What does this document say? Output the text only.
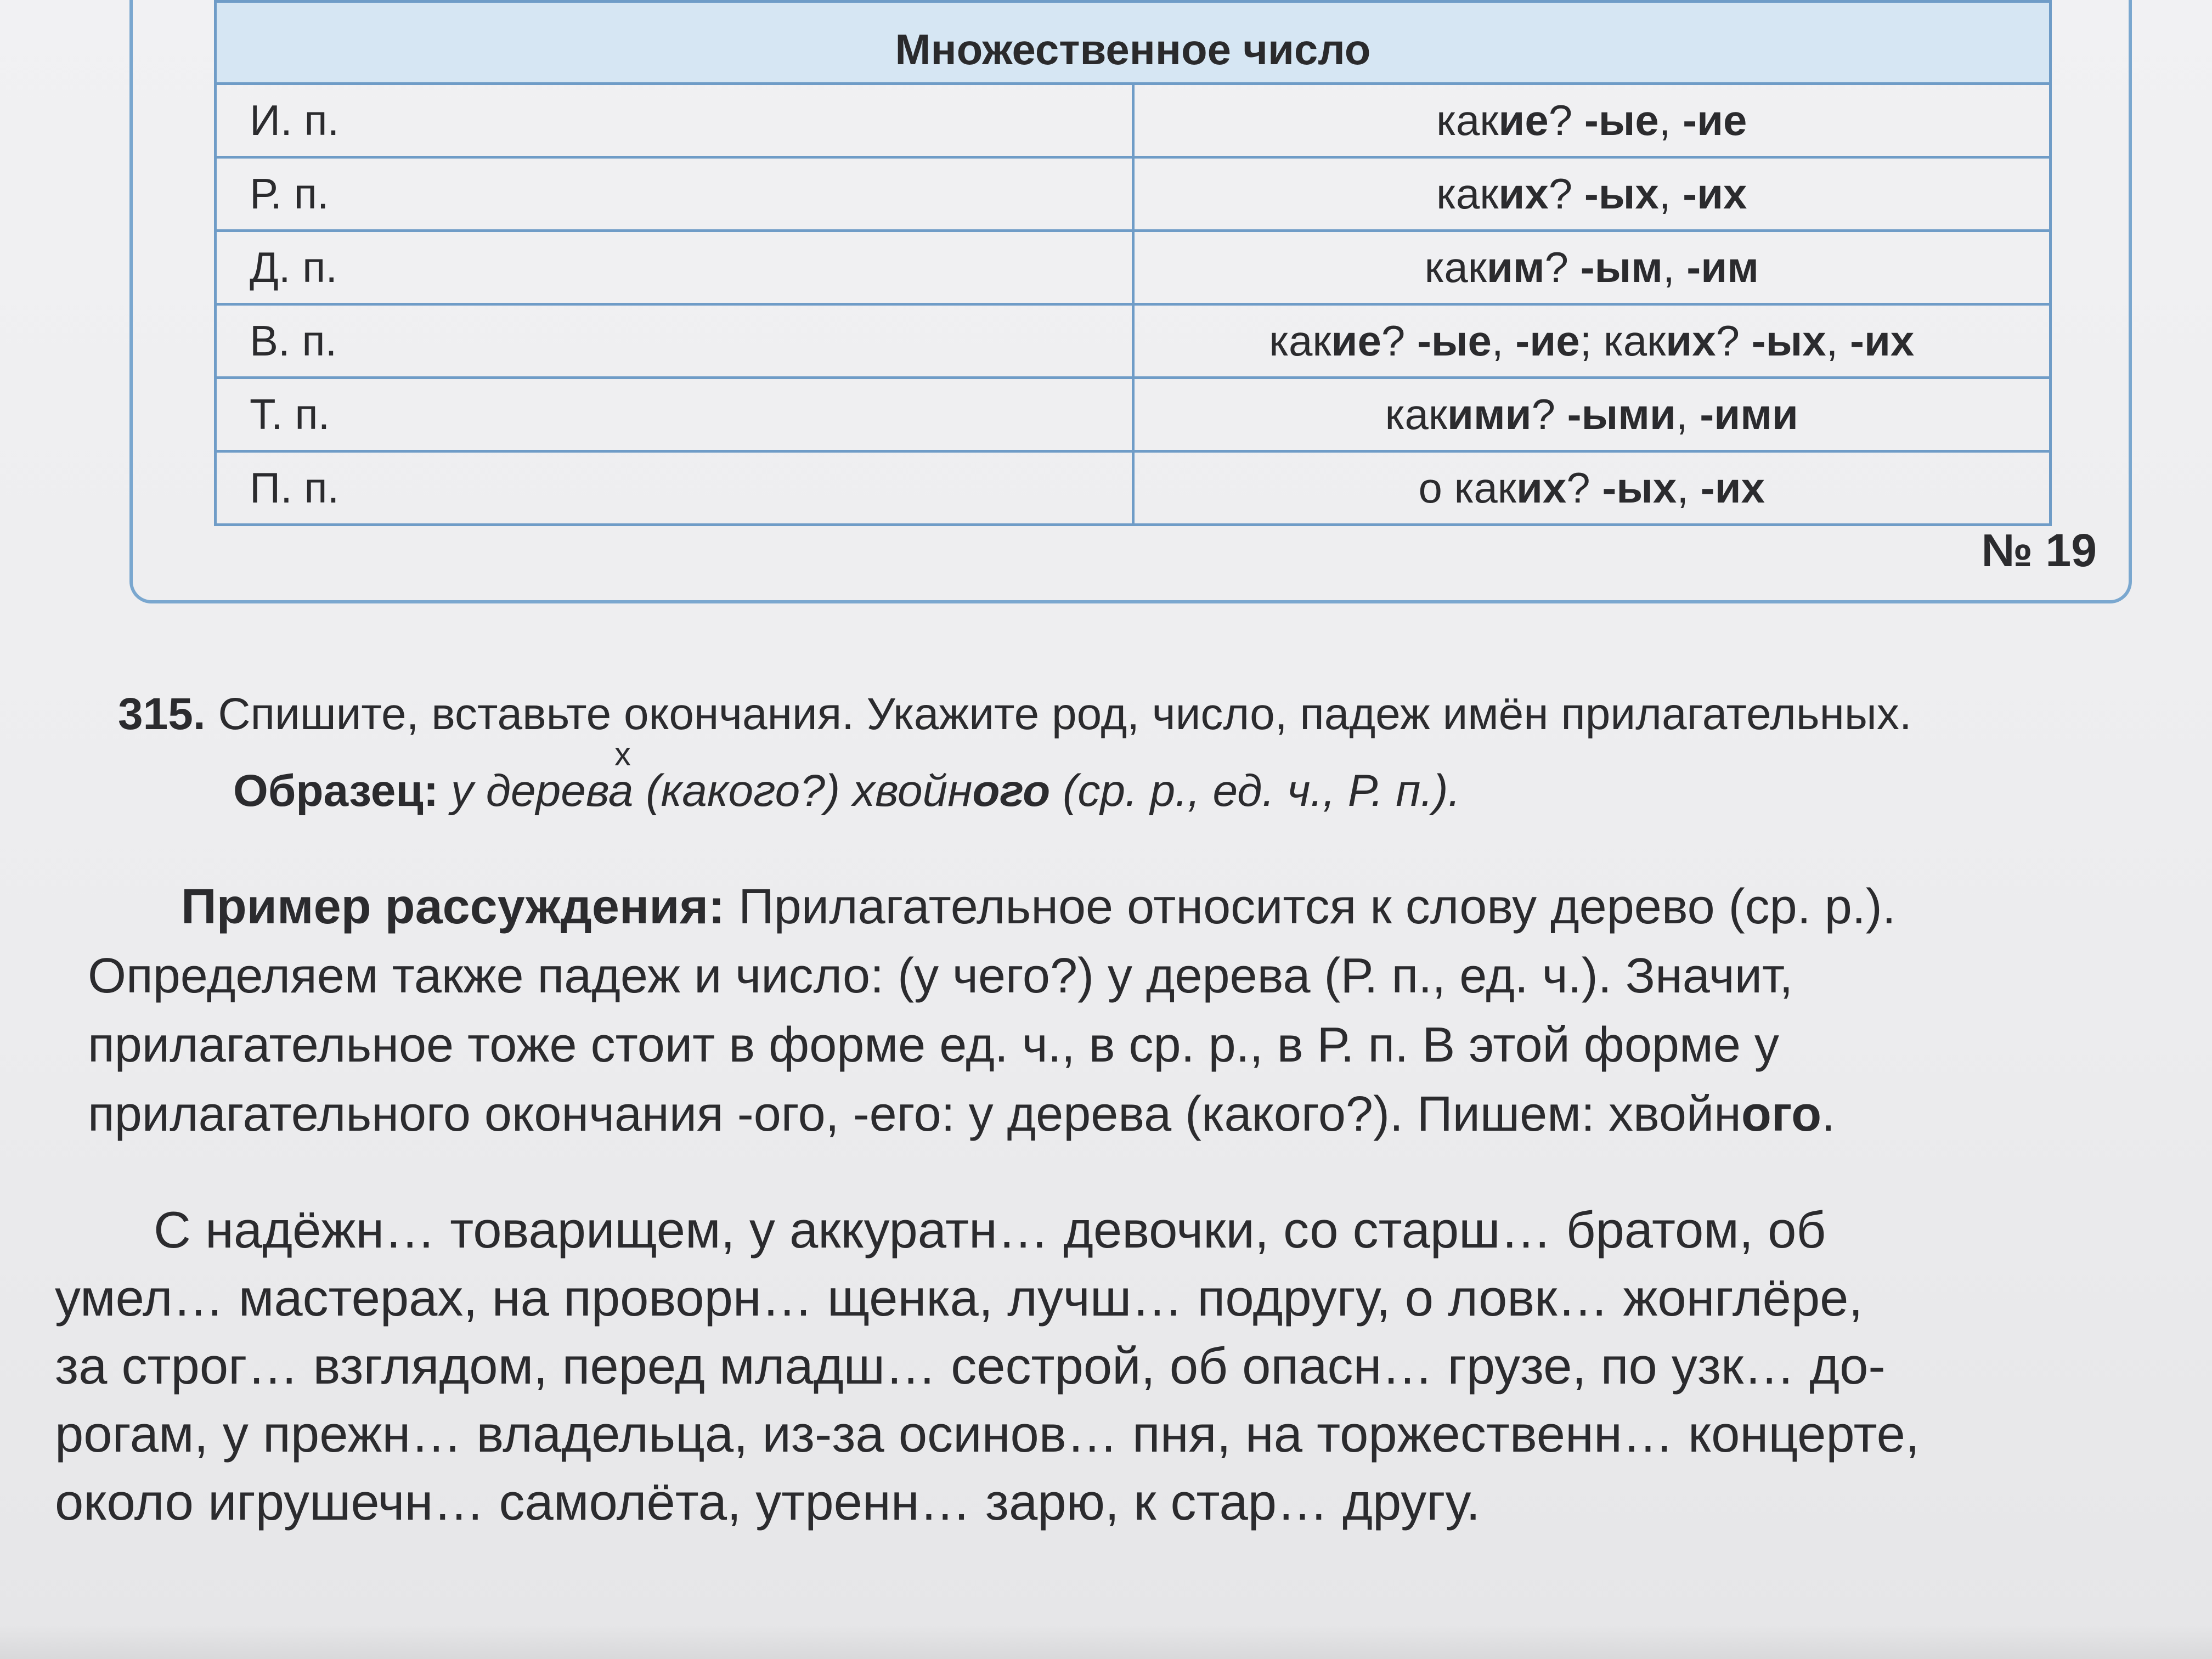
Множественное число	
И. п.	какие? -ые, -ие
Р. п.	каких? -ых, -их
Д. п.	каким? -ым, -им
В. п.	какие? -ые, -ие; каких? -ых, -их
Т. п.	какими? -ыми, -ими
П. п.	о каких? -ых, -их
№ 19
315. Спишите, вставьте окончания. Укажите род, число, падеж имён прилагательных.
х
Образец: у дерева (какого?) хвойного (ср. р., ед. ч., Р. п.).

Пример рассуждения: Прилагательное относится к слову дерево (ср. р.).

Определяем также падеж и число: (у чего?) у дерева (Р. п., ед. ч.). Значит,

прилагательное тоже стоит в форме ед. ч., в ср. р., в Р. п. В этой форме у

прилагательного окончания -ого, -его: у дерева (какого?). Пишем: хвойного.

С надёжн… товарищем, у аккуратн… девочки, со старш… братом, об

умел… мастерах, на проворн… щенка, лучш… подругу, о ловк… жонглёре,

за строг… взглядом, перед младш… сестрой, об опасн… грузе, по узк… до-

рогам, у прежн… владельца, из-за осинов… пня, на торжественн… концерте,

около игрушечн… самолёта, утренн… зарю, к стар… другу.
